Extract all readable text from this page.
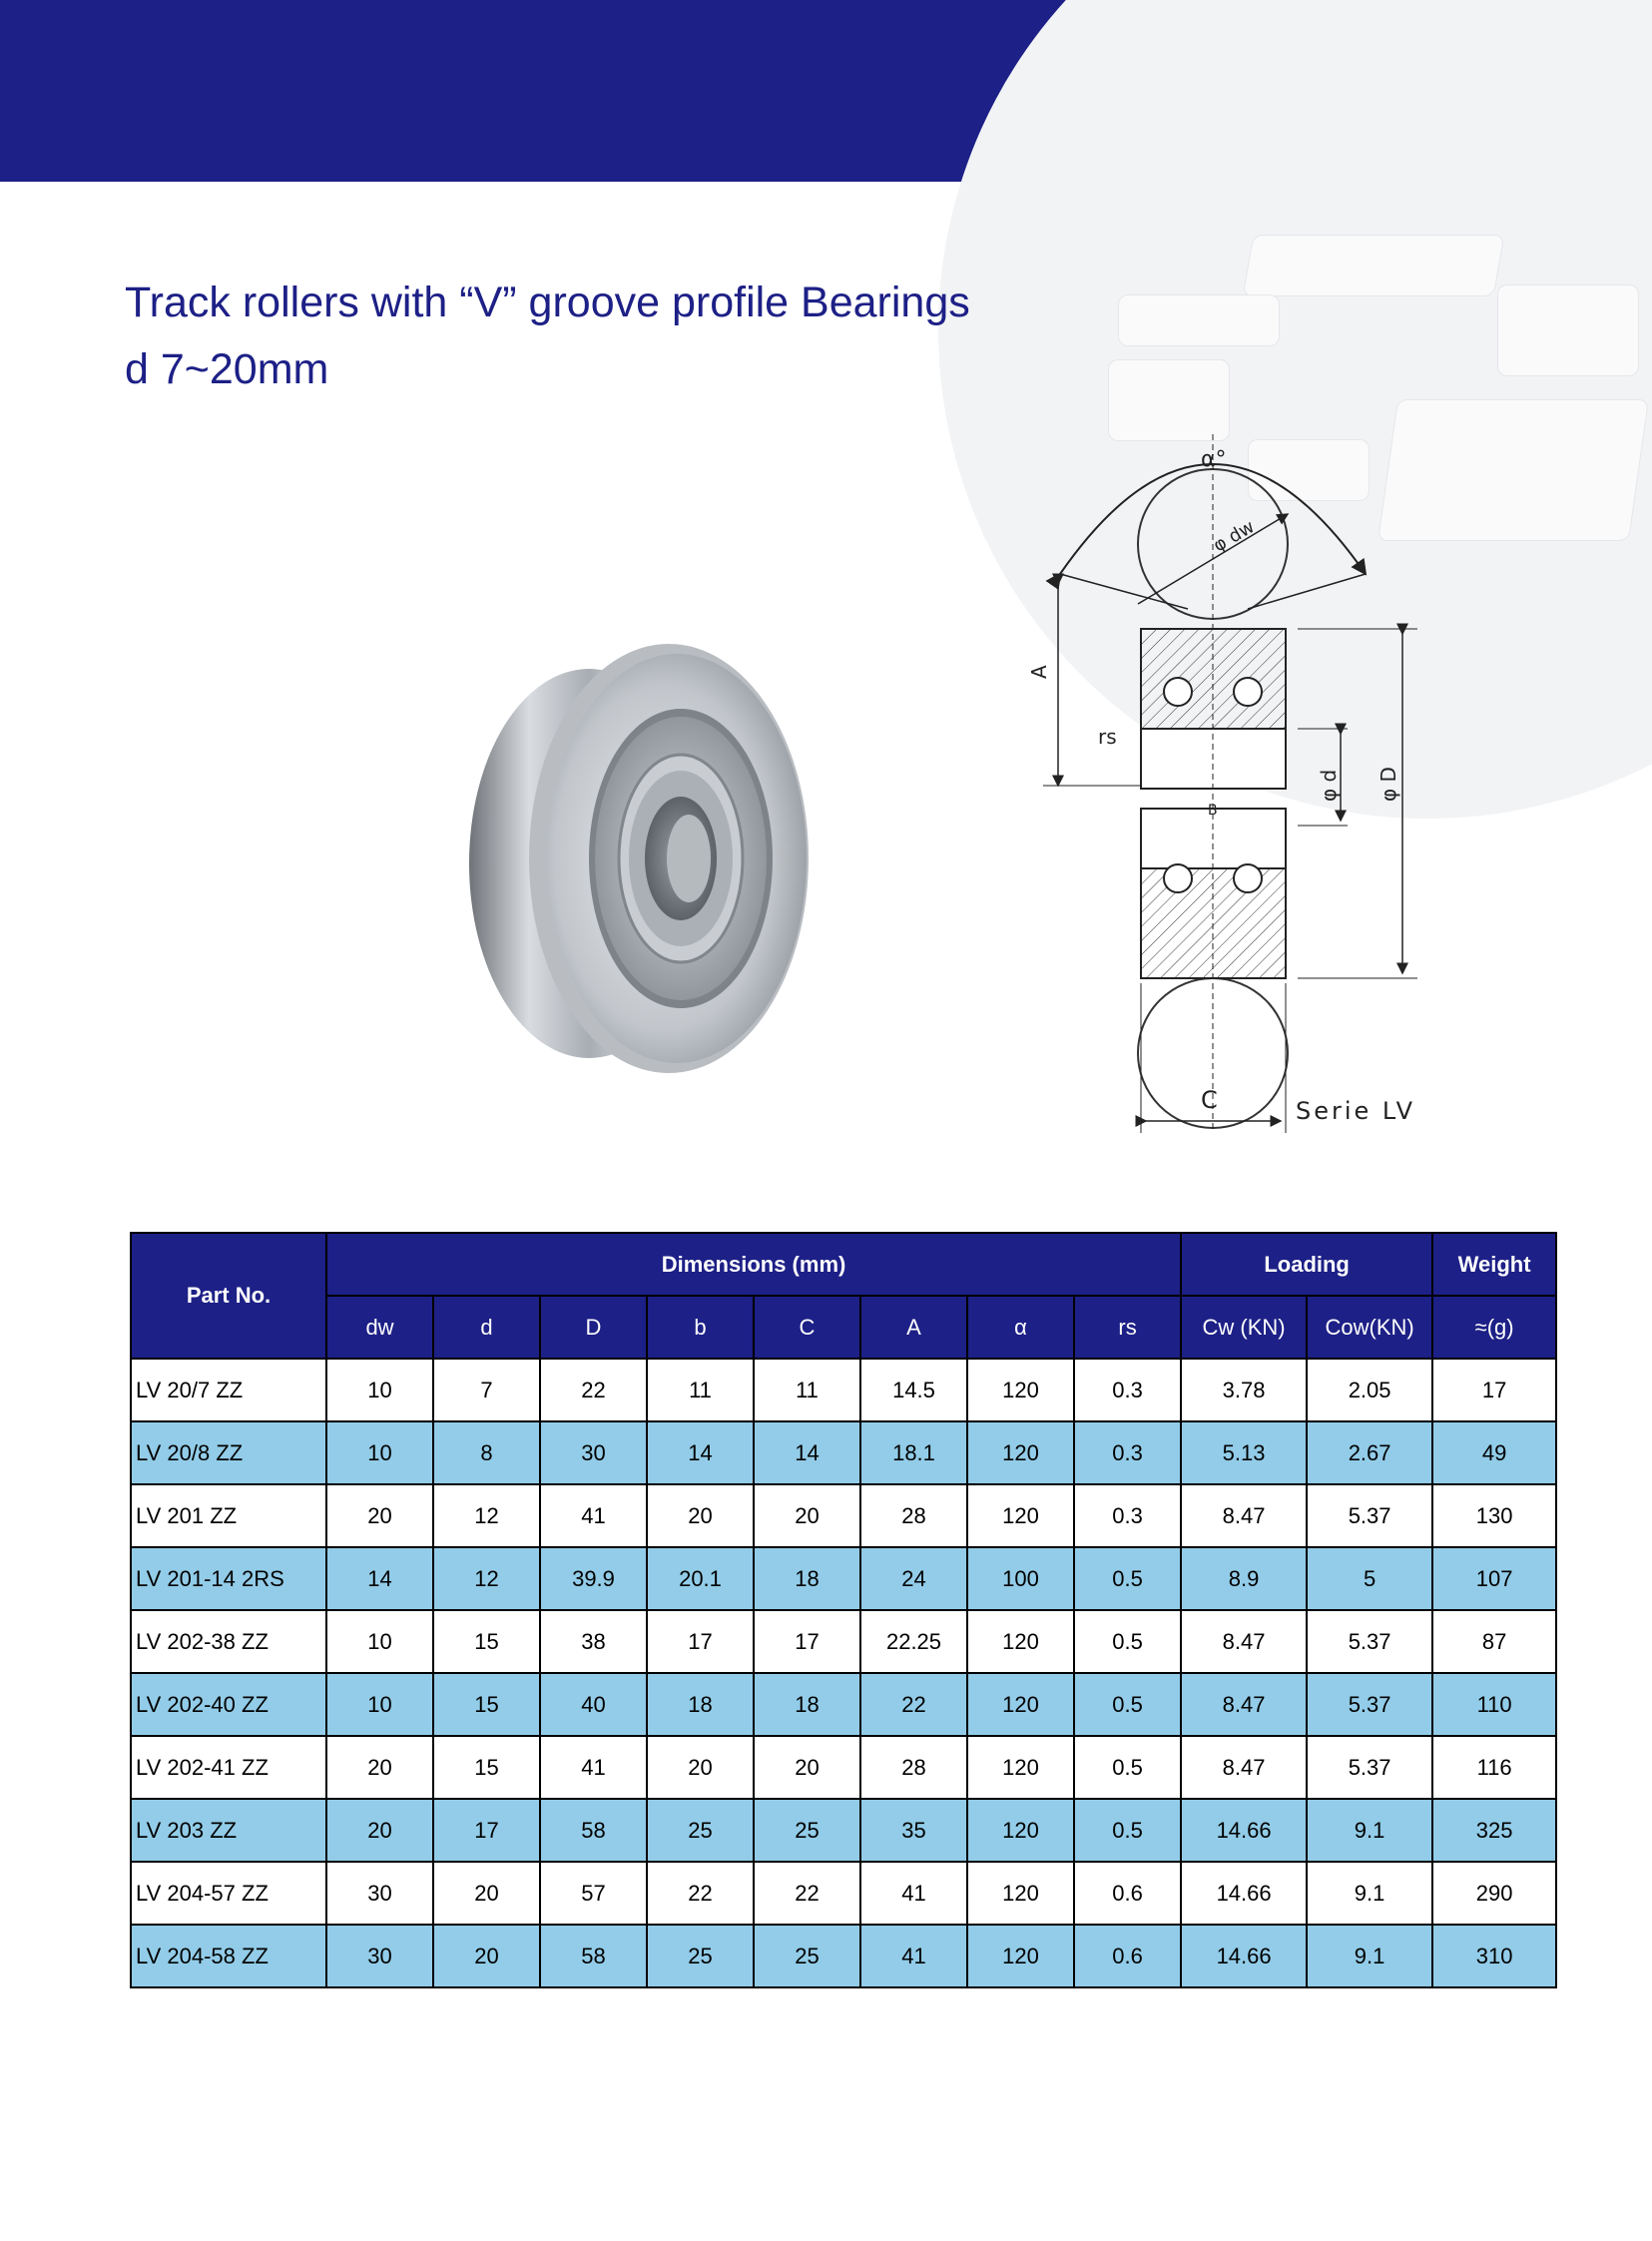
Track rollers with “V” groove profile Bearings
d 7~20mm
α°
φ dw
A
rs
φ d φ D
B
C	Serie LV
Part No.	Dimensions (mm)								Loading		Weight
	dw	d	D	b	C	A	α	rs	Cw (KN)	Cow(KN)	≈(g)
LV 20/7 ZZ	10	7	22	11	11	14.5	120	0.3	3.78	2.05	17
LV 20/8 ZZ	10	8	30	14	14	18.1	120	0.3	5.13	2.67	49
LV 201 ZZ	20	12	41	20	20	28	120	0.3	8.47	5.37	130
LV 201-14 2RS	14	12	39.9	20.1	18	24	100	0.5	8.9	5	107
LV 202-38 ZZ	10	15	38	17	17	22.25	120	0.5	8.47	5.37	87
LV 202-40 ZZ	10	15	40	18	18	22	120	0.5	8.47	5.37	110
LV 202-41 ZZ	20	15	41	20	20	28	120	0.5	8.47	5.37	116
LV 203 ZZ	20	17	58	25	25	35	120	0.5	14.66	9.1	325
LV 204-57 ZZ	30	20	57	22	22	41	120	0.6	14.66	9.1	290
LV 204-58 ZZ	30	20	58	25	25	41	120	0.6	14.66	9.1	310
